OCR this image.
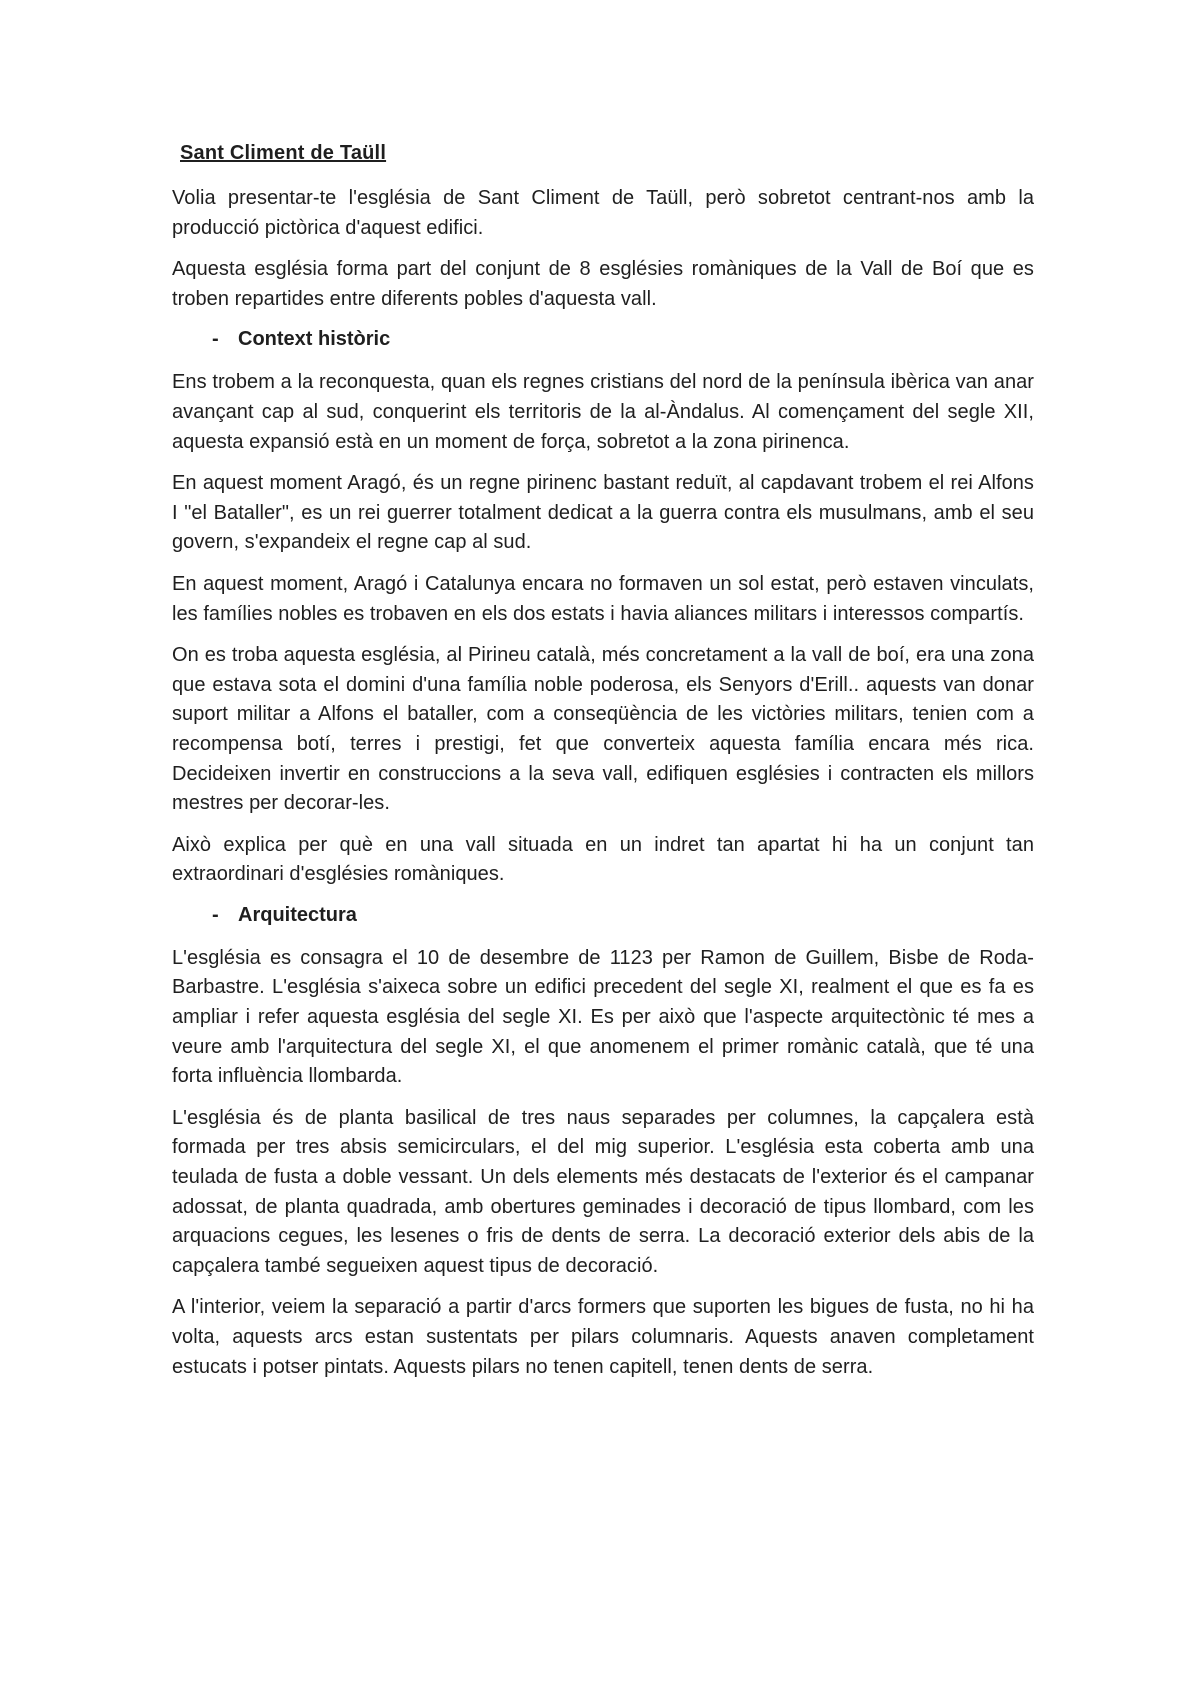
Sant Climent de Taüll

Volia presentar-te l'església de Sant Climent de Taüll, però sobretot centrant-nos amb la producció pictòrica d'aquest edifici.

Aquesta església forma part del conjunt de 8 esglésies romàniques de la Vall de Boí que es troben repartides entre diferents pobles d'aquesta vall.

- Context històric

Ens trobem a la reconquesta, quan els regnes cristians del nord de la península ibèrica van anar avançant cap al sud, conquerint els territoris de la al-Àndalus. Al començament del segle XII, aquesta expansió està en un moment de força, sobretot a la zona pirinenca.

En aquest moment Aragó, és un regne pirinenc bastant reduït, al capdavant trobem el rei Alfons I "el Bataller", es un rei guerrer totalment dedicat a la guerra contra els musulmans, amb el seu govern, s'expandeix el regne cap al sud.

En aquest moment, Aragó i Catalunya encara no formaven un sol estat, però estaven vinculats, les famílies nobles es trobaven en els dos estats i havia aliances militars i interessos compartís.

On es troba aquesta església, al Pirineu català, més concretament a la vall de boí, era una zona que estava sota el domini d'una família noble poderosa, els Senyors d'Erill.. aquests van donar suport militar a Alfons el bataller, com a conseqüència de les victòries militars, tenien com a recompensa botí, terres i prestigi, fet que converteix aquesta família encara més rica. Decideixen invertir en construccions a la seva vall, edifiquen esglésies i contracten els millors mestres per decorar-les.

Això explica per què en una vall situada en un indret tan apartat hi ha un conjunt tan extraordinari d'esglésies romàniques.

- Arquitectura

L'església es consagra el 10 de desembre de 1123 per Ramon de Guillem, Bisbe de Roda-Barbastre. L'església s'aixeca sobre un edifici precedent del segle XI, realment el que es fa es ampliar i refer aquesta església del segle XI. Es per això que l'aspecte arquitectònic té mes a veure amb l'arquitectura del segle XI, el que anomenem el primer romànic català, que té una forta influència llombarda.

L'església és de planta basilical de tres naus separades per columnes, la capçalera està formada per tres absis semicirculars, el del mig superior. L'església esta coberta amb una teulada de fusta a doble vessant. Un dels elements més destacats de l'exterior és el campanar adossat, de planta quadrada, amb obertures geminades i decoració de tipus llombard, com les arquacions cegues, les lesenes o fris de dents de serra. La decoració exterior dels abis de la capçalera també segueixen aquest tipus de decoració.

A l'interior, veiem la separació a partir d'arcs formers que suporten les bigues de fusta, no hi ha volta, aquests arcs estan sustentats per pilars columnaris. Aquests anaven completament estucats i potser pintats. Aquests pilars no tenen capitell, tenen dents de serra.
